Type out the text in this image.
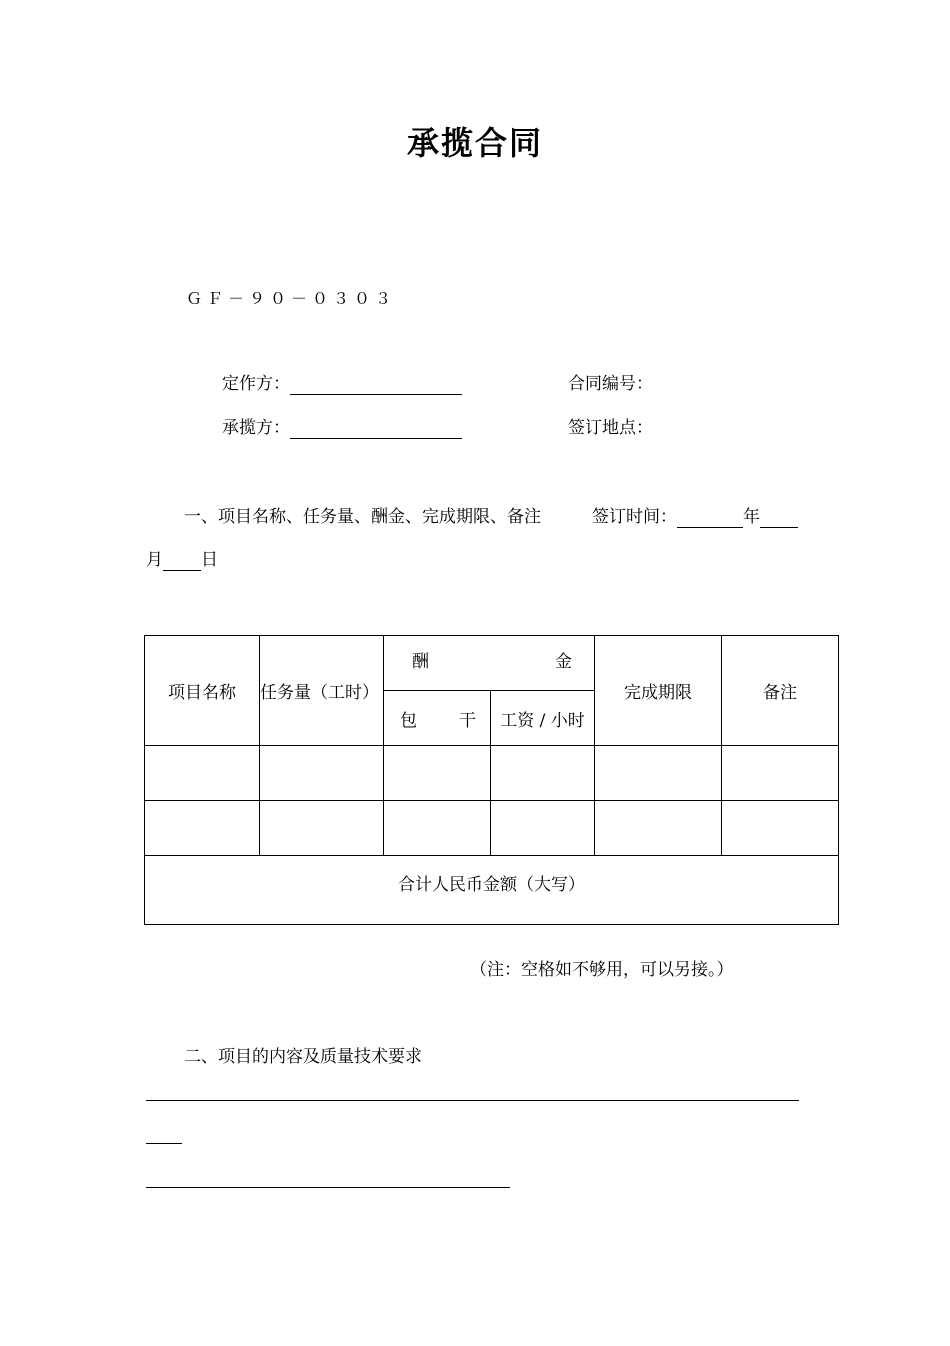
承揽合同
ＧＦ－９０－０３０３
定作方：	合同编号：
承揽方：	签订地点：
一、项目名称、任务量、酬金、完成期限、备注	签订时间：	年
月 日
项目名称	任务量（工时）	酬 金		完成期限	备注

		包 干	工资 / 小时		

合计人民币金额（大写）					
（注：空格如不够用，可以另接。）
二、项目的内容及质量技术要求
